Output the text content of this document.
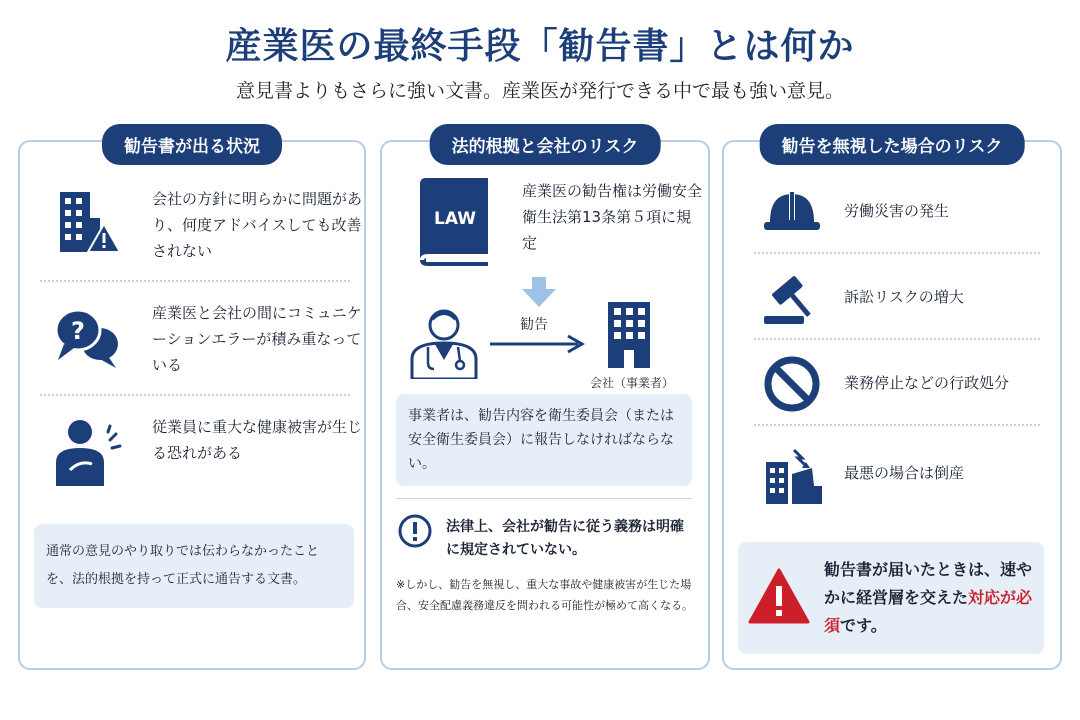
産業医の最終手段「勧告書」とは何か
意見書よりもさらに強い文書。産業医が発行できる中で最も強い意見。
勧告書が出る状況
会社の方針に明らかに問題があり、何度アドバイスしても改善されない
?
産業医と会社の間にコミュニケーションエラーが積み重なっている
従業員に重大な健康被害が生じる恐れがある
通常の意見のやり取りでは伝わらなかったことを、法的根拠を持って正式に通告する文書。
法的根拠と会社のリスク
LAW
産業医の勧告権は労働安全衛生法第13条第５項に規定
勧告
会社（事業者）
事業者は、勧告内容を衛生委員会（または安全衛生委員会）に報告しなければならない。
法律上、会社が勧告に従う義務は明確に規定されていない。
※しかし、勧告を無視し、重大な事故や健康被害が生じた場合、安全配慮義務違反を問われる可能性が極めて高くなる。
勧告を無視した場合のリスク
労働災害の発生
訴訟リスクの増大
業務停止などの行政処分
最悪の場合は倒産
勧告書が届いたときは、速やかに経営層を交えた対応が必須です。
